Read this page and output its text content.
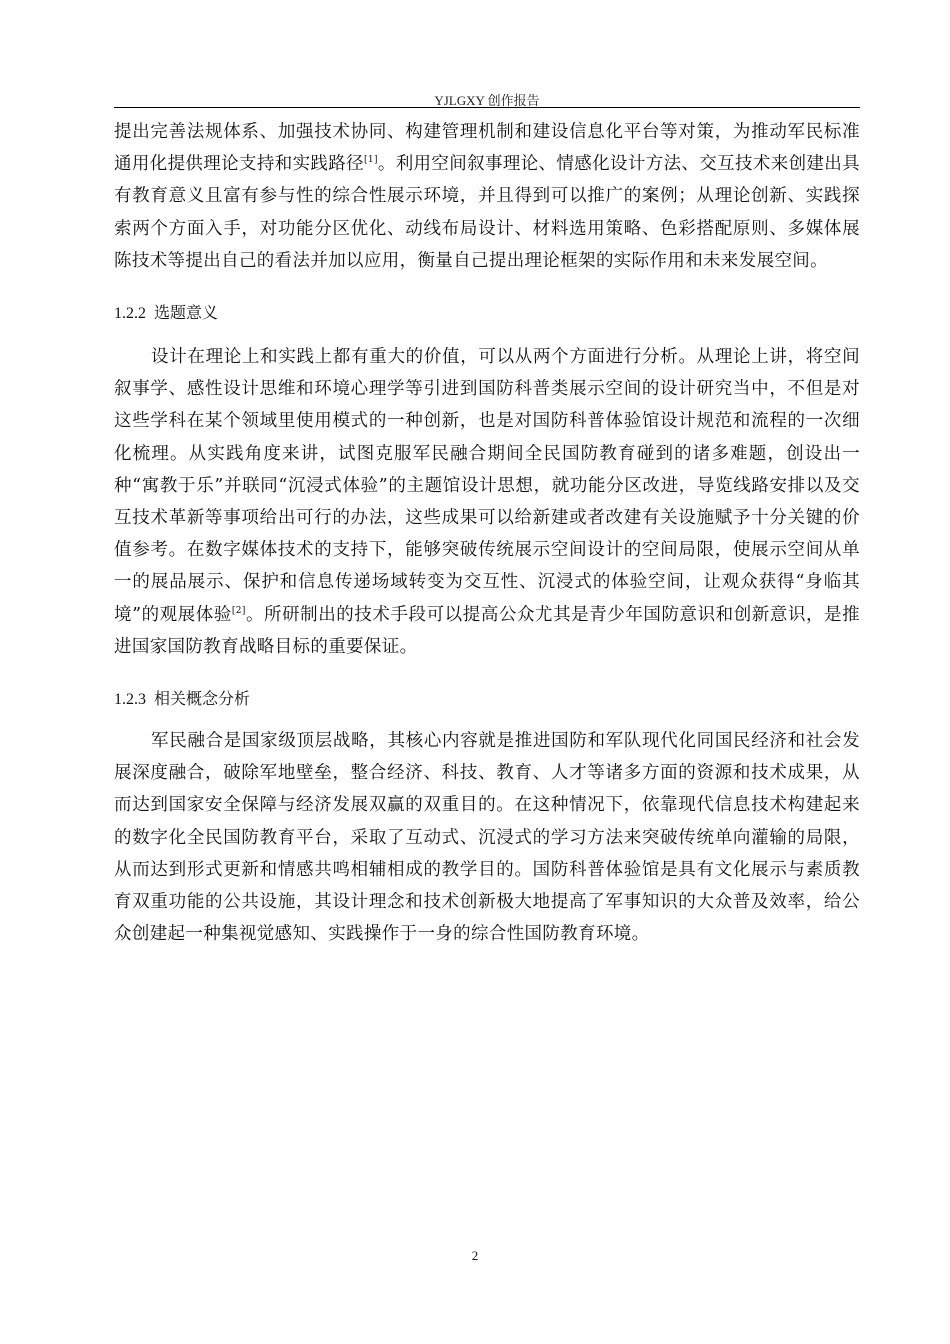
YJLGXY 创作报告

提出完善法规体系、加强技术协同、构建管理机制和建设信息化平台等对策，为推动军民标准通用化提供理论支持和实践路径[1]。利用空间叙事理论、情感化设计方法、交互技术来创建出具有教育意义且富有参与性的综合性展示环境，并且得到可以推广的案例；从理论创新、实践探索两个方面入手，对功能分区优化、动线布局设计、材料选用策略、色彩搭配原则、多媒体展陈技术等提出自己的看法并加以应用，衡量自己提出理论框架的实际作用和未来发展空间。

1.2.2 选题意义

设计在理论上和实践上都有重大的价值，可以从两个方面进行分析。从理论上讲，将空间叙事学、感性设计思维和环境心理学等引进到国防科普类展示空间的设计研究当中，不但是对这些学科在某个领域里使用模式的一种创新，也是对国防科普体验馆设计规范和流程的一次细化梳理。从实践角度来讲，试图克服军民融合期间全民国防教育碰到的诸多难题，创设出一种“寓教于乐”并联同“沉浸式体验”的主题馆设计思想，就功能分区改进，导览线路安排以及交互技术革新等事项给出可行的办法，这些成果可以给新建或者改建有关设施赋予十分关键的价值参考。在数字媒体技术的支持下，能够突破传统展示空间设计的空间局限，使展示空间从单一的展品展示、保护和信息传递场域转变为交互性、沉浸式的体验空间，让观众获得“身临其境”的观展体验[2]。所研制出的技术手段可以提高公众尤其是青少年国防意识和创新意识，是推进国家国防教育战略目标的重要保证。

1.2.3 相关概念分析

军民融合是国家级顶层战略，其核心内容就是推进国防和军队现代化同国民经济和社会发展深度融合，破除军地壁垒，整合经济、科技、教育、人才等诸多方面的资源和技术成果，从而达到国家安全保障与经济发展双赢的双重目的。在这种情况下，依靠现代信息技术构建起来的数字化全民国防教育平台，采取了互动式、沉浸式的学习方法来突破传统单向灌输的局限，从而达到形式更新和情感共鸣相辅相成的教学目的。国防科普体验馆是具有文化展示与素质教育双重功能的公共设施，其设计理念和技术创新极大地提高了军事知识的大众普及效率，给公众创建起一种集视觉感知、实践操作于一身的综合性国防教育环境。

2
